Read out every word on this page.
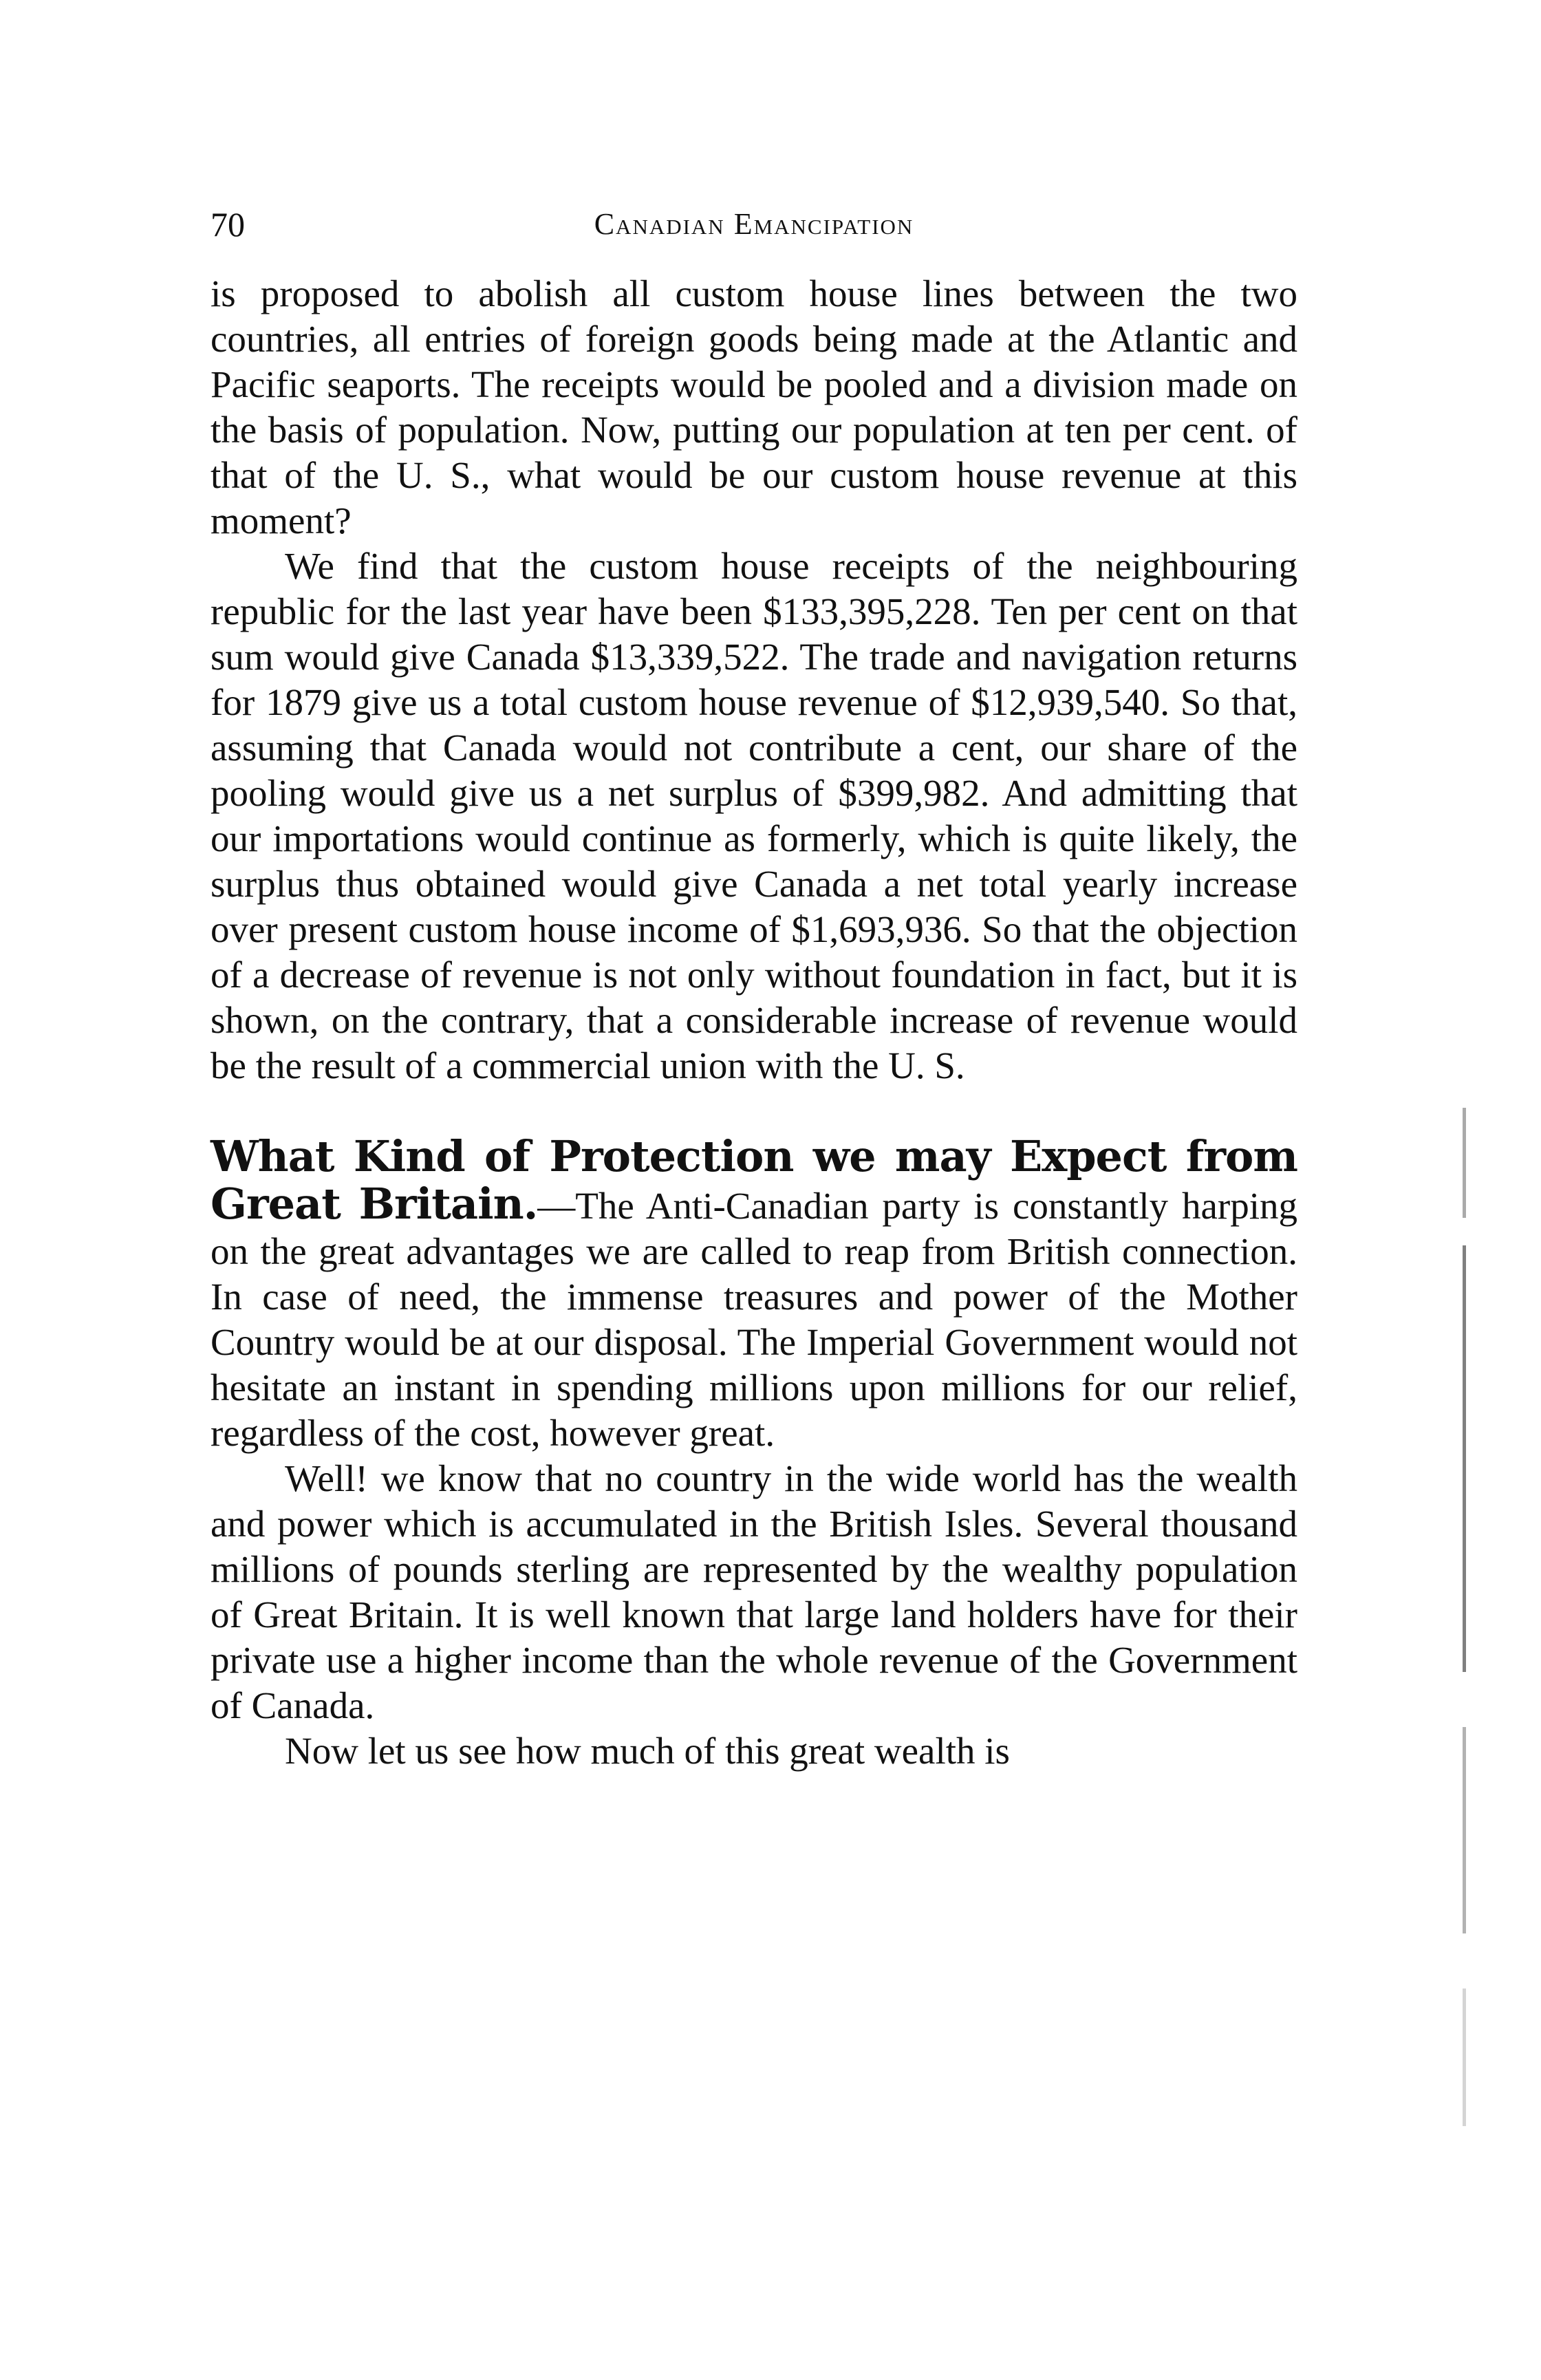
70	Canadian Emancipation

is proposed to abolish all custom house lines between the two countries, all entries of foreign goods being made at the Atlantic and Pacific seaports. The receipts would be pooled and a division made on the basis of population. Now, putting our population at ten per cent. of that of the U. S., what would be our custom house revenue at this moment?

We find that the custom house receipts of the neighbouring republic for the last year have been $133,395,228. Ten per cent on that sum would give Canada $13,339,522. The trade and navigation returns for 1879 give us a total custom house revenue of $12,939,540. So that, assuming that Canada would not contribute a cent, our share of the pooling would give us a net surplus of $399,982. And admitting that our importations would continue as formerly, which is quite likely, the surplus thus obtained would give Canada a net total yearly increase over present custom house income of $1,693,936. So that the objection of a decrease of revenue is not only without foundation in fact, but it is shown, on the contrary, that a considerable increase of revenue would be the result of a commercial union with the U. S.

What Kind of Protection we may Expect from Great Britain.—The Anti-Canadian party is constantly harping on the great advantages we are called to reap from British connection. In case of need, the immense treasures and power of the Mother Country would be at our disposal. The Imperial Government would not hesitate an instant in spending millions upon millions for our relief, regardless of the cost, however great.

Well! we know that no country in the wide world has the wealth and power which is accumulated in the British Isles. Several thousand millions of pounds sterling are represented by the wealthy population of Great Britain. It is well known that large land holders have for their private use a higher income than the whole revenue of the Government of Canada.

Now let us see how much of this great wealth is
